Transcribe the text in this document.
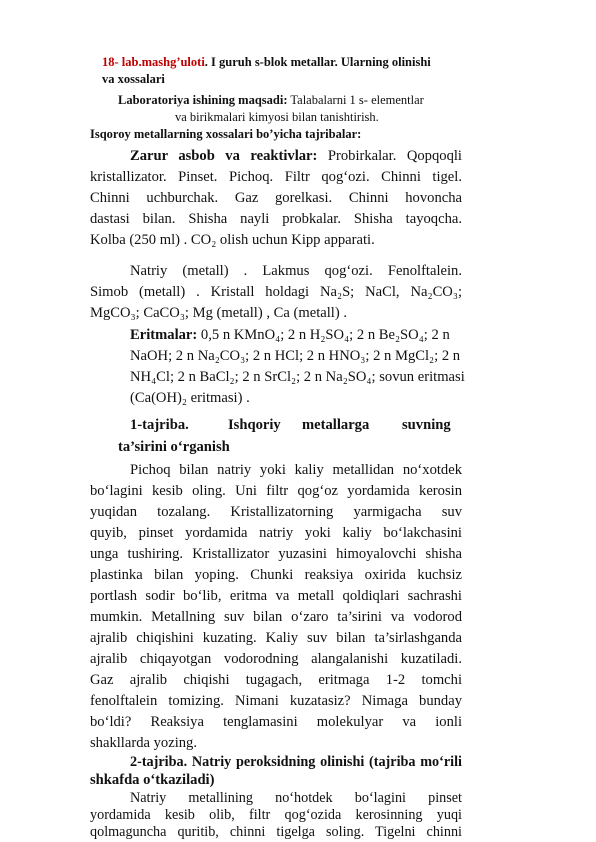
18- lab.mashg’uloti. I guruh s-blok metallar. Ularning olinishi
va xossalari
Laboratoriya ishining maqsadi: Talabalarni 1 s- elementlar
va birikmalari kimyosi bilan tanishtirish.
Isqoroy metallarning xossalari bo’yicha tajribalar:
Zarur asbob va reaktivlar: Probirkalar. Qopqoqli
kristallizator. Pinset. Pichoq. Filtr qog‘ozi. Chinni tigel.
Chinni uchburchak. Gaz gorelkasi. Chinni hovoncha
dastasi bilan. Shisha nayli probkalar. Shisha tayoqcha.
Kolba (250 ml) . CO₂ olish uchun Kipp apparati.
Natriy (metall) . Lakmus qog‘ozi. Fenolftalein.
Simob (metall) . Kristall holdagi Na₂S; NaCl, Na₂CO₃;
MgCO₃; CaCO₃; Mg (metall) , Ca (metall) .
Eritmalar: 0,5 n KMnO₄; 2 n H₂SO₄; 2 n Be₂SO₄; 2 n
NaOH; 2 n Na₂CO₃; 2 n HCl; 2 n HNO₃; 2 n MgCl₂; 2 n
NH₄Cl; 2 n BaCl₂; 2 n SrCl₂; 2 n Na₂SO₄; sovun eritmasi
(Ca(OH)₂ eritmasi) .
1-tajriba.	Ishqoriy metallarga suvning
ta’sirini o‘rganish
Pichoq bilan natriy yoki kaliy metallidan no‘xotdek
bo‘lagini kesib oling. Uni filtr qog‘oz yordamida kerosin
yuqidan tozalang. Kristallizatorning yarmigacha suv
quyib, pinset yordamida natriy yoki kaliy bo‘lakchasini
unga tushiring. Kristallizator yuzasini himoyalovchi shisha
plastinka bilan yoping. Chunki reaksiya oxirida kuchsiz
portlash sodir bo‘lib, eritma va metall qoldiqlari sachrashi
mumkin. Metallning suv bilan o‘zaro ta’sirini va vodorod
ajralib chiqishini kuzating. Kaliy suv bilan ta’sirlashganda
ajralib chiqayotgan vodorodning alangalanishi kuzatiladi.
Gaz ajralib chiqishi tugagach, eritmaga 1-2 tomchi
fenolftalein tomizing. Nimani kuzatasiz? Nimaga bunday
bo‘ldi? Reaksiya tenglamasini molekulyar va ionli
shakllarda yozing.
2-tajriba. Natriy peroksidning olinishi (tajriba mo‘rili
shkafda o‘tkaziladi)
Natriy metallining no‘hotdek bo‘lagini pinset
yordamida kesib olib, filtr qog‘ozida kerosinning yuqi
qolmaguncha quritib, chinni tigelga soling. Tigelni chinni
